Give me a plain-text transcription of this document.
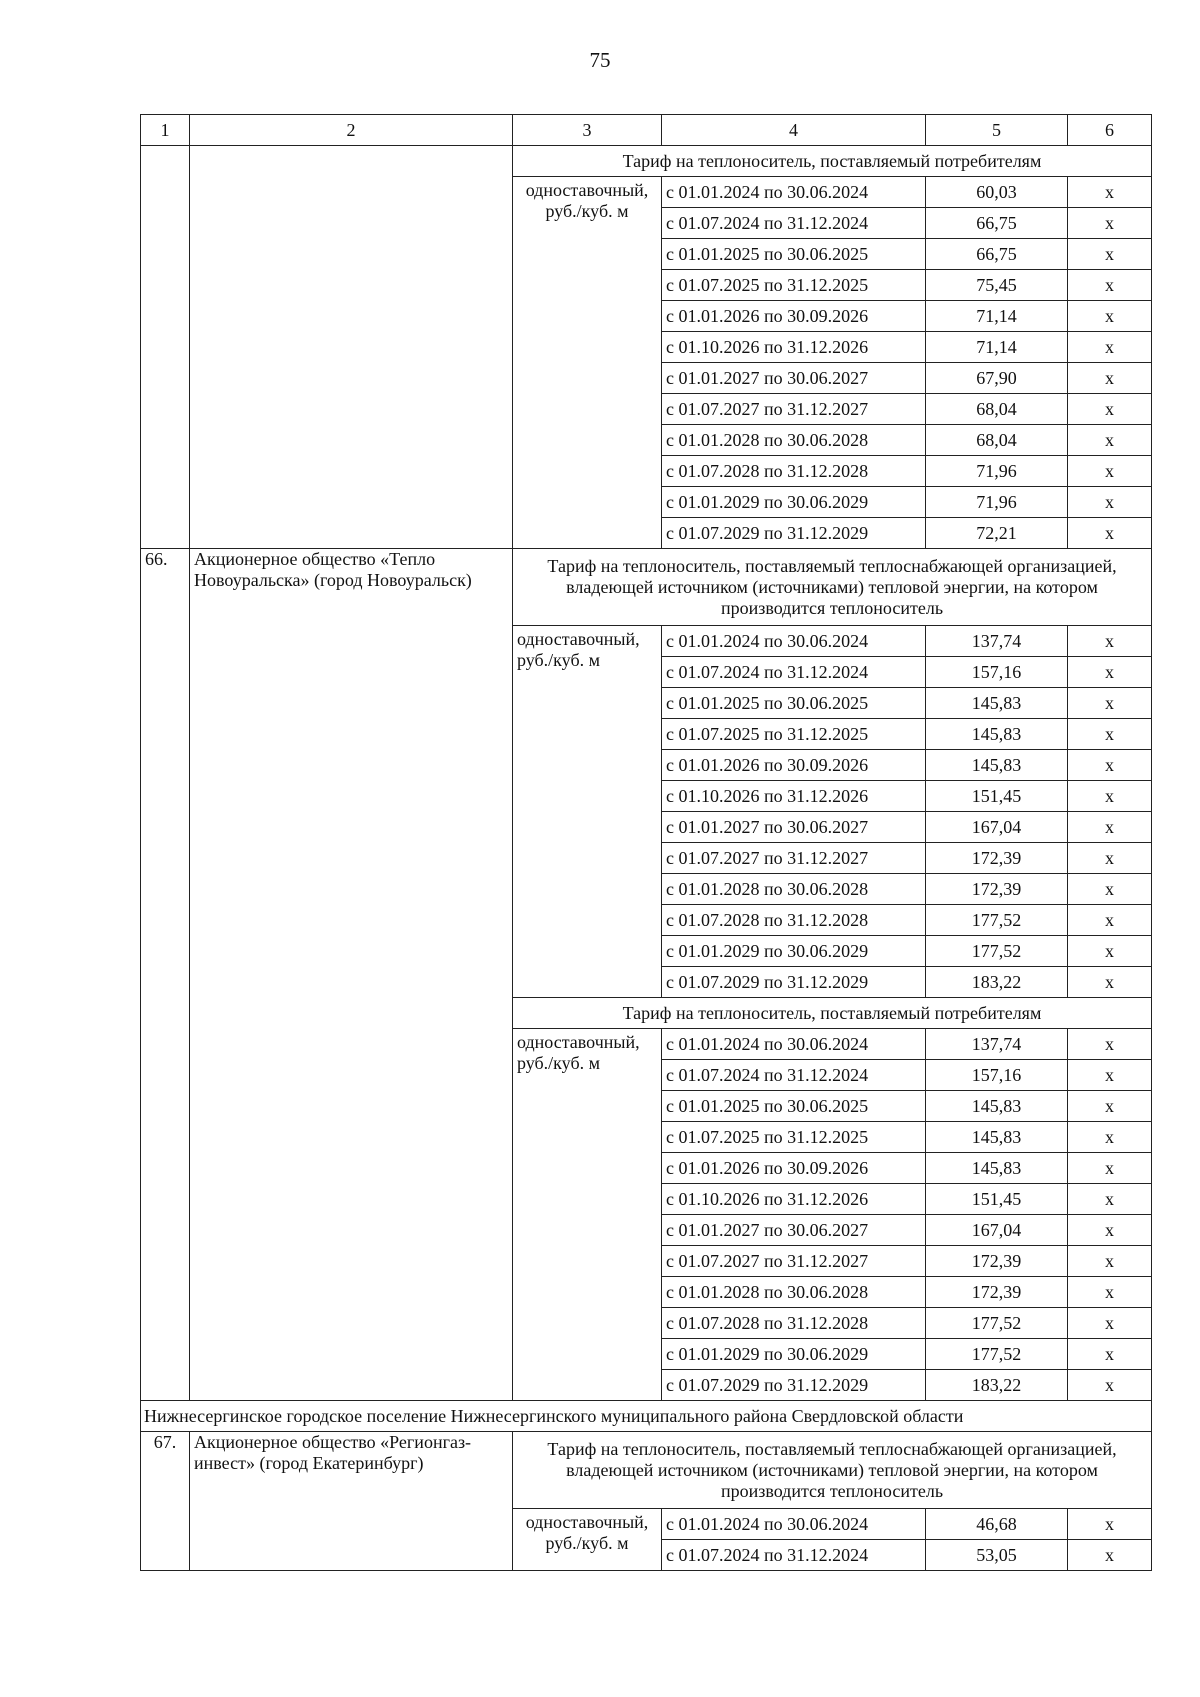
75
1	2	3	4	5	6
		Тариф на теплоноситель, поставляемый потребителям			
		одноставочный, руб./куб. м	с 01.01.2024 по 30.06.2024	60,03	x
			с 01.07.2024 по 31.12.2024	66,75	x
			с 01.01.2025 по 30.06.2025	66,75	x
			с 01.07.2025 по 31.12.2025	75,45	x
			с 01.01.2026 по 30.09.2026	71,14	x
			с 01.10.2026 по 31.12.2026	71,14	x
			с 01.01.2027 по 30.06.2027	67,90	x
			с 01.07.2027 по 31.12.2027	68,04	x
			с 01.01.2028 по 30.06.2028	68,04	x
			с 01.07.2028 по 31.12.2028	71,96	x
			с 01.01.2029 по 30.06.2029	71,96	x
			с 01.07.2029 по 31.12.2029	72,21	x
66.	Акционерное общество «Тепло Новоуральска» (город Новоуральск)	Тариф на теплоноситель, поставляемый теплоснабжающей организацией, владеющей источником (источниками) тепловой энергии, на котором производится теплоноситель			
		одноставочный, руб./куб. м	с 01.01.2024 по 30.06.2024	137,74	x
			с 01.07.2024 по 31.12.2024	157,16	x
			с 01.01.2025 по 30.06.2025	145,83	x
			с 01.07.2025 по 31.12.2025	145,83	x
			с 01.01.2026 по 30.09.2026	145,83	x
			с 01.10.2026 по 31.12.2026	151,45	x
			с 01.01.2027 по 30.06.2027	167,04	x
			с 01.07.2027 по 31.12.2027	172,39	x
			с 01.01.2028 по 30.06.2028	172,39	x
			с 01.07.2028 по 31.12.2028	177,52	x
			с 01.01.2029 по 30.06.2029	177,52	x
			с 01.07.2029 по 31.12.2029	183,22	x
		Тариф на теплоноситель, поставляемый потребителям			
		одноставочный, руб./куб. м	с 01.01.2024 по 30.06.2024	137,74	x
			с 01.07.2024 по 31.12.2024	157,16	x
			с 01.01.2025 по 30.06.2025	145,83	x
			с 01.07.2025 по 31.12.2025	145,83	x
			с 01.01.2026 по 30.09.2026	145,83	x
			с 01.10.2026 по 31.12.2026	151,45	x
			с 01.01.2027 по 30.06.2027	167,04	x
			с 01.07.2027 по 31.12.2027	172,39	x
			с 01.01.2028 по 30.06.2028	172,39	x
			с 01.07.2028 по 31.12.2028	177,52	x
			с 01.01.2029 по 30.06.2029	177,52	x
			с 01.07.2029 по 31.12.2029	183,22	x
Нижнесергинское городское поселение Нижнесергинского муниципального района Свердловской области					
67.	Акционерное общество «Регионгаз-инвест» (город Екатеринбург)	Тариф на теплоноситель, поставляемый теплоснабжающей организацией, владеющей источником (источниками) тепловой энергии, на котором производится теплоноситель			
		одноставочный, руб./куб. м	с 01.01.2024 по 30.06.2024	46,68	x
			с 01.07.2024 по 31.12.2024	53,05	x
